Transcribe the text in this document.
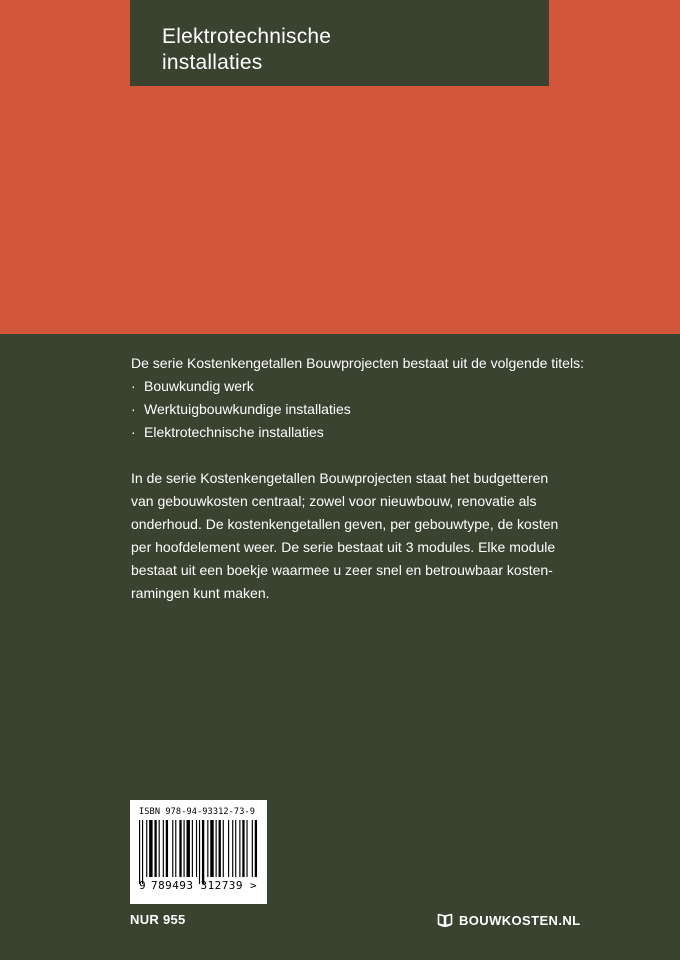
Elektrotechnische
installaties

De serie Kostenkengetallen Bouwprojecten bestaat uit de volgende titels:

· Bouwkundig werk
· Werktuigbouwkundige installaties
· Elektrotechnische installaties

In de serie Kostenkengetallen Bouwprojecten staat het budgetteren
van gebouwkosten centraal; zowel voor nieuwbouw, renovatie als
onderhoud. De kostenkengetallen geven, per gebouwtype, de kosten
per hoofdelement weer. De serie bestaat uit 3 modules. Elke module
bestaat uit een boekje waarmee u zeer snel en betrouwbaar kosten-
ramingen kunt maken.

ISBN 978-94-93312-73-9
9 789493 312739 >
NUR 955	BOUWKOSTEN.NL
